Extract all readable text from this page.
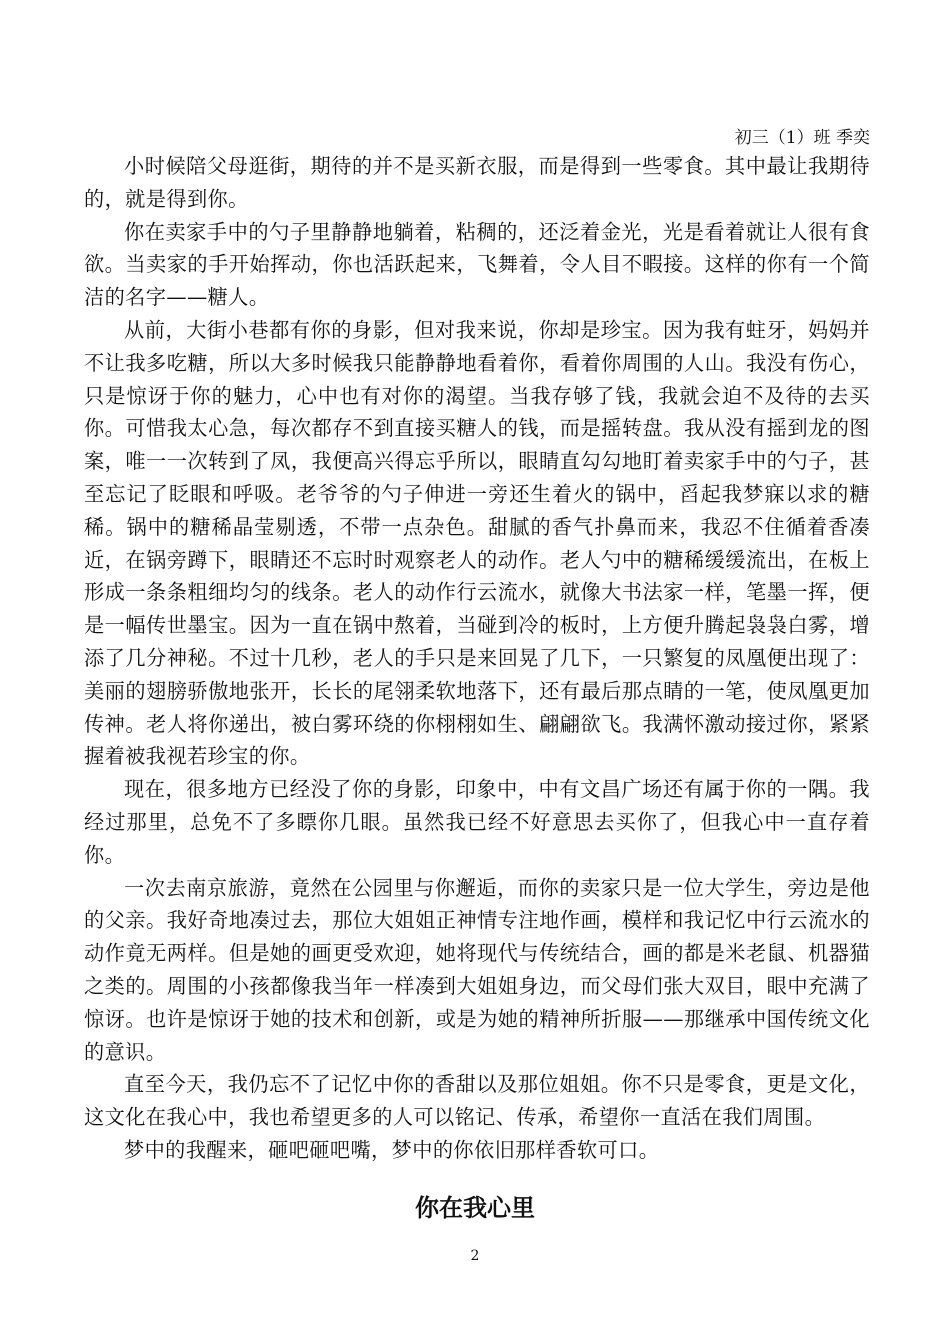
初三（1）班 季奕

小时候陪父母逛街，期待的并不是买新衣服，而是得到一些零食。其中最让我期待的，就是得到你。

你在卖家手中的勺子里静静地躺着，粘稠的，还泛着金光，光是看着就让人很有食欲。当卖家的手开始挥动，你也活跃起来，飞舞着，令人目不暇接。这样的你有一个简洁的名字——糖人。

从前，大街小巷都有你的身影，但对我来说，你却是珍宝。因为我有蛀牙，妈妈并不让我多吃糖，所以大多时候我只能静静地看着你，看着你周围的人山。我没有伤心，只是惊讶于你的魅力，心中也有对你的渴望。当我存够了钱，我就会迫不及待的去买你。可惜我太心急，每次都存不到直接买糖人的钱，而是摇转盘。我从没有摇到龙的图案，唯一一次转到了凤，我便高兴得忘乎所以，眼睛直勾勾地盯着卖家手中的勺子，甚至忘记了眨眼和呼吸。老爷爷的勺子伸进一旁还生着火的锅中，舀起我梦寐以求的糖稀。锅中的糖稀晶莹剔透，不带一点杂色。甜腻的香气扑鼻而来，我忍不住循着香凑近，在锅旁蹲下，眼睛还不忘时时观察老人的动作。老人勺中的糖稀缓缓流出，在板上形成一条条粗细均匀的线条。老人的动作行云流水，就像大书法家一样，笔墨一挥，便是一幅传世墨宝。因为一直在锅中熬着，当碰到冷的板时，上方便升腾起袅袅白雾，增添了几分神秘。不过十几秒，老人的手只是来回晃了几下，一只繁复的凤凰便出现了：美丽的翅膀骄傲地张开，长长的尾翎柔软地落下，还有最后那点睛的一笔，使凤凰更加传神。老人将你递出，被白雾环绕的你栩栩如生、翩翩欲飞。我满怀激动接过你，紧紧握着被我视若珍宝的你。

现在，很多地方已经没了你的身影，印象中，中有文昌广场还有属于你的一隅。我经过那里，总免不了多瞟你几眼。虽然我已经不好意思去买你了，但我心中一直存着你。

一次去南京旅游，竟然在公园里与你邂逅，而你的卖家只是一位大学生，旁边是他的父亲。我好奇地凑过去，那位大姐姐正神情专注地作画，模样和我记忆中行云流水的动作竟无两样。但是她的画更受欢迎，她将现代与传统结合，画的都是米老鼠、机器猫之类的。周围的小孩都像我当年一样凑到大姐姐身边，而父母们张大双目，眼中充满了惊讶。也许是惊讶于她的技术和创新，或是为她的精神所折服——那继承中国传统文化的意识。

直至今天，我仍忘不了记忆中你的香甜以及那位姐姐。你不只是零食，更是文化，这文化在我心中，我也希望更多的人可以铭记、传承，希望你一直活在我们周围。

梦中的我醒来，砸吧砸吧嘴，梦中的你依旧那样香软可口。

你在我心里
2
